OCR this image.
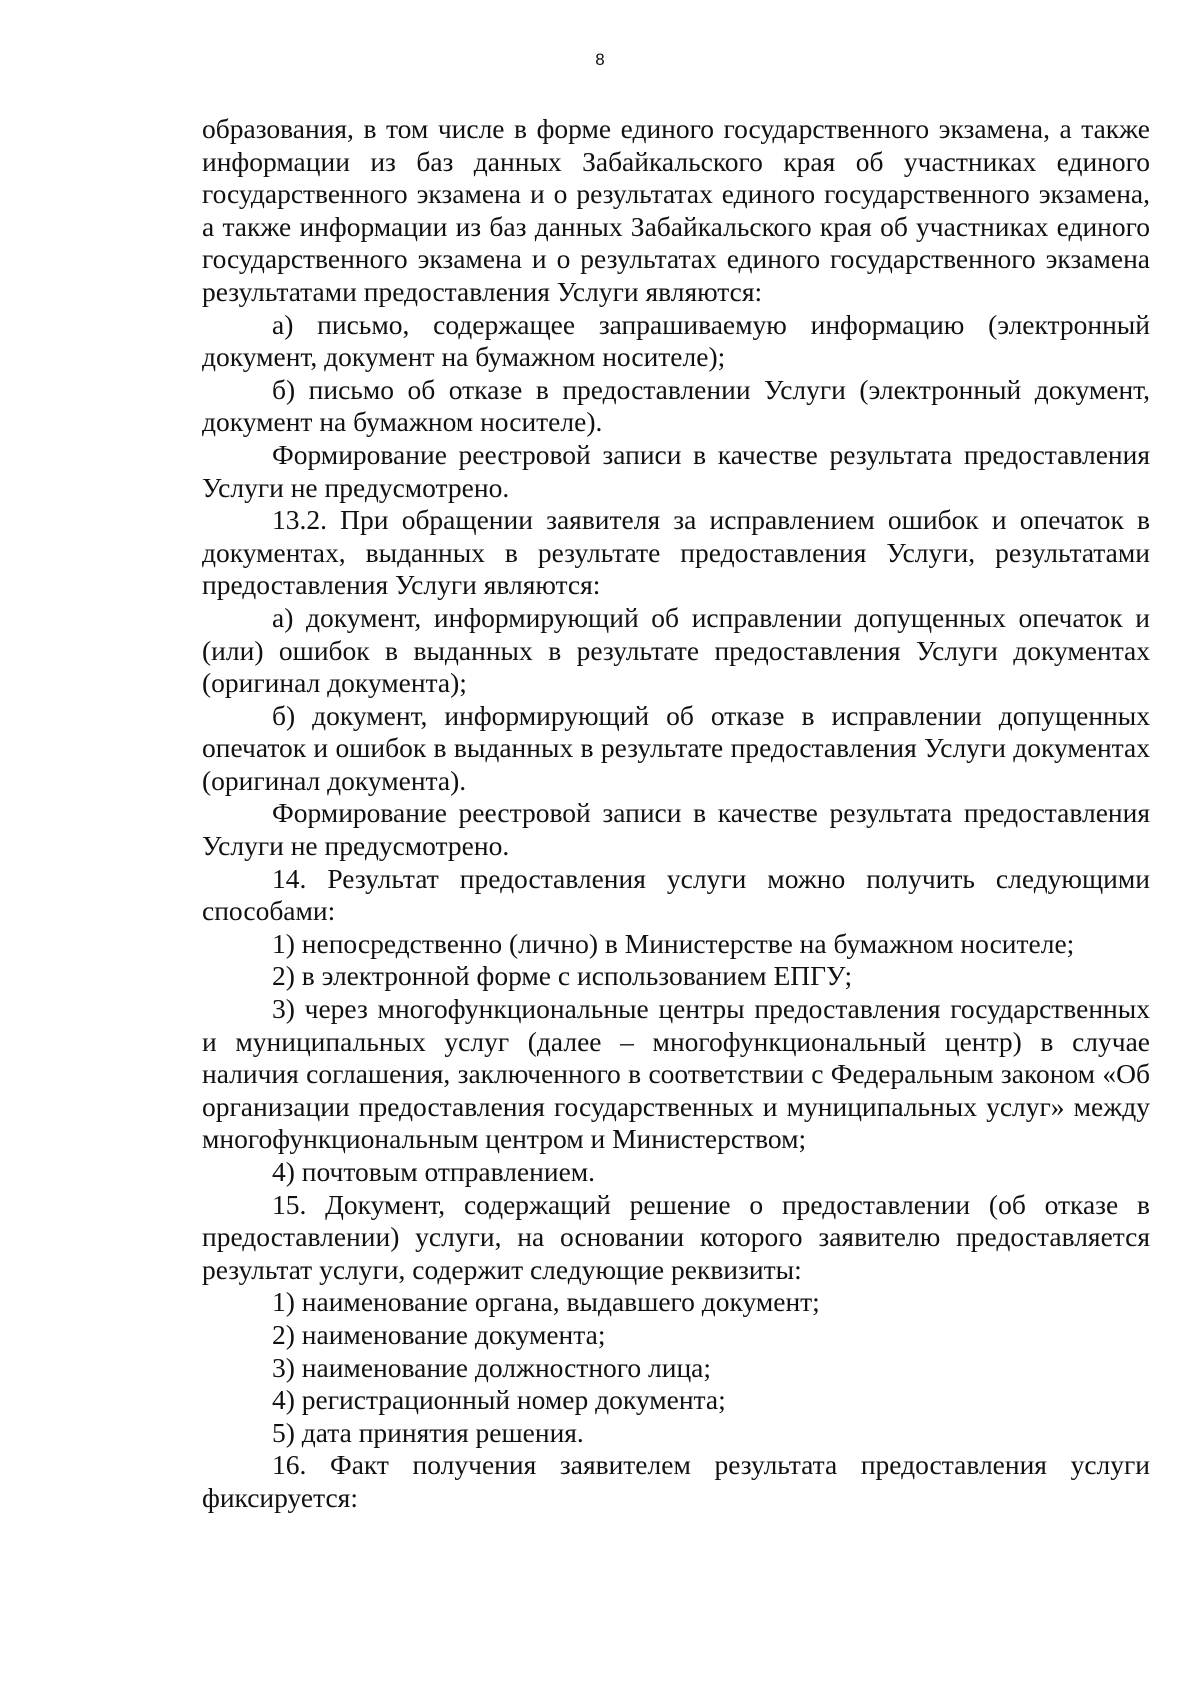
8

образования, в том числе в форме единого государственного экзамена, а также информации из баз данных Забайкальского края об участниках единого государственного экзамена и о результатах единого государственного экзамена, а также информации из баз данных Забайкальского края об участниках единого государственного экзамена и о результатах единого государственного экзамена результатами предоставления Услуги являются:

а) письмо, содержащее запрашиваемую информацию (электронный документ, документ на бумажном носителе);

б) письмо об отказе в предоставлении Услуги (электронный документ, документ на бумажном носителе).

Формирование реестровой записи в качестве результата предоставления Услуги не предусмотрено.

13.2. При обращении заявителя за исправлением ошибок и опечаток в документах, выданных в результате предоставления Услуги, результатами предоставления Услуги являются:

а) документ, информирующий об исправлении допущенных опечаток и (или) ошибок в выданных в результате предоставления Услуги документах (оригинал документа);

б) документ, информирующий об отказе в исправлении допущенных опечаток и ошибок в выданных в результате предоставления Услуги документах (оригинал документа).

Формирование реестровой записи в качестве результата предоставления Услуги не предусмотрено.

14. Результат предоставления услуги можно получить следующими способами:

1) непосредственно (лично) в Министерстве на бумажном носителе;

2) в электронной форме с использованием ЕПГУ;

3) через многофункциональные центры предоставления государственных и муниципальных услуг (далее – многофункциональный центр) в случае наличия соглашения, заключенного в соответствии с Федеральным законом «Об организации предоставления государственных и муниципальных услуг» между многофункциональным центром и Министерством;

4) почтовым отправлением.

15. Документ, содержащий решение о предоставлении (об отказе в предоставлении) услуги, на основании которого заявителю предоставляется результат услуги, содержит следующие реквизиты:

1) наименование органа, выдавшего документ;

2) наименование документа;

3) наименование должностного лица;

4) регистрационный номер документа;

5) дата принятия решения.

16. Факт получения заявителем результата предоставления услуги фиксируется:
